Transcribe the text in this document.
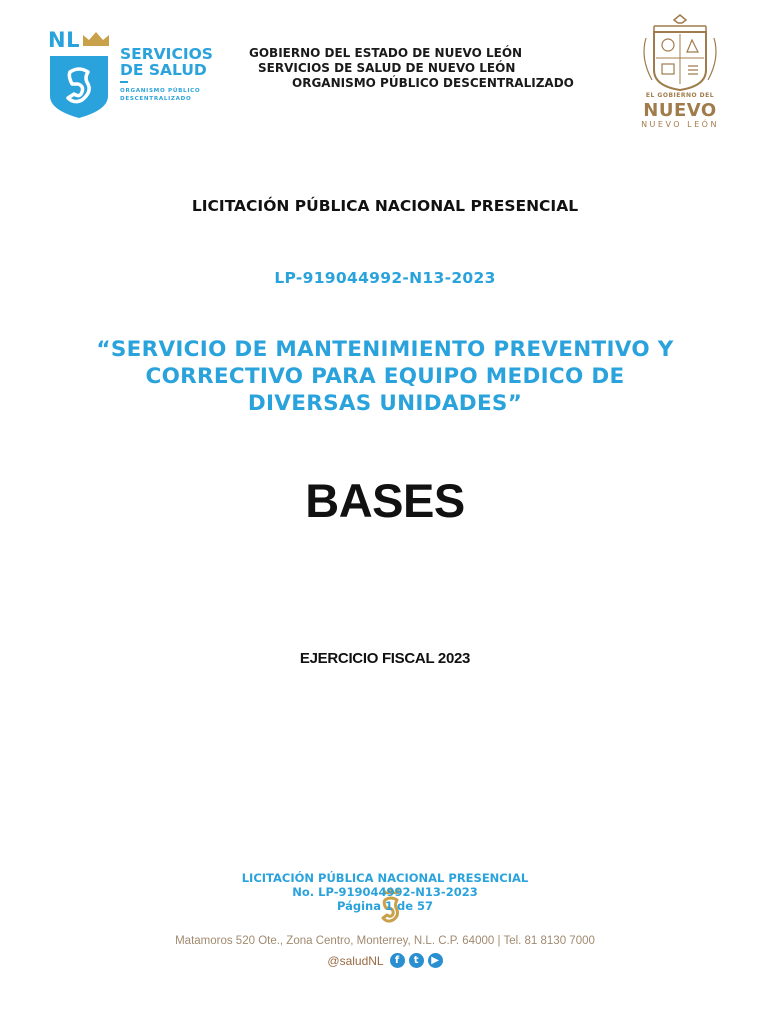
NL
SERVICIOS
DE SALUD
ORGANISMO PÚBLICO
DESCENTRALIZADO
GOBIERNO DEL ESTADO DE NUEVO LEÓN
SERVICIOS DE SALUD DE NUEVO LEÓN
ORGANISMO PÚBLICO DESCENTRALIZADO
EL GOBIERNO DEL
NUEVO
NUEVO LEÓN
LICITACIÓN PÚBLICA NACIONAL PRESENCIAL
LP-919044992-N13-2023
“SERVICIO DE MANTENIMIENTO PREVENTIVO Y
CORRECTIVO PARA EQUIPO MEDICO DE
DIVERSAS UNIDADES”
BASES
EJERCICIO FISCAL 2023
LICITACIÓN PÚBLICA NACIONAL PRESENCIAL
No. LP-919044992-N13-2023
Página 1 de 57
Matamoros 520 Ote., Zona Centro, Monterrey, N.L. C.P. 64000 | Tel. 81 8130 7000
@saludNL	f	t	▶
